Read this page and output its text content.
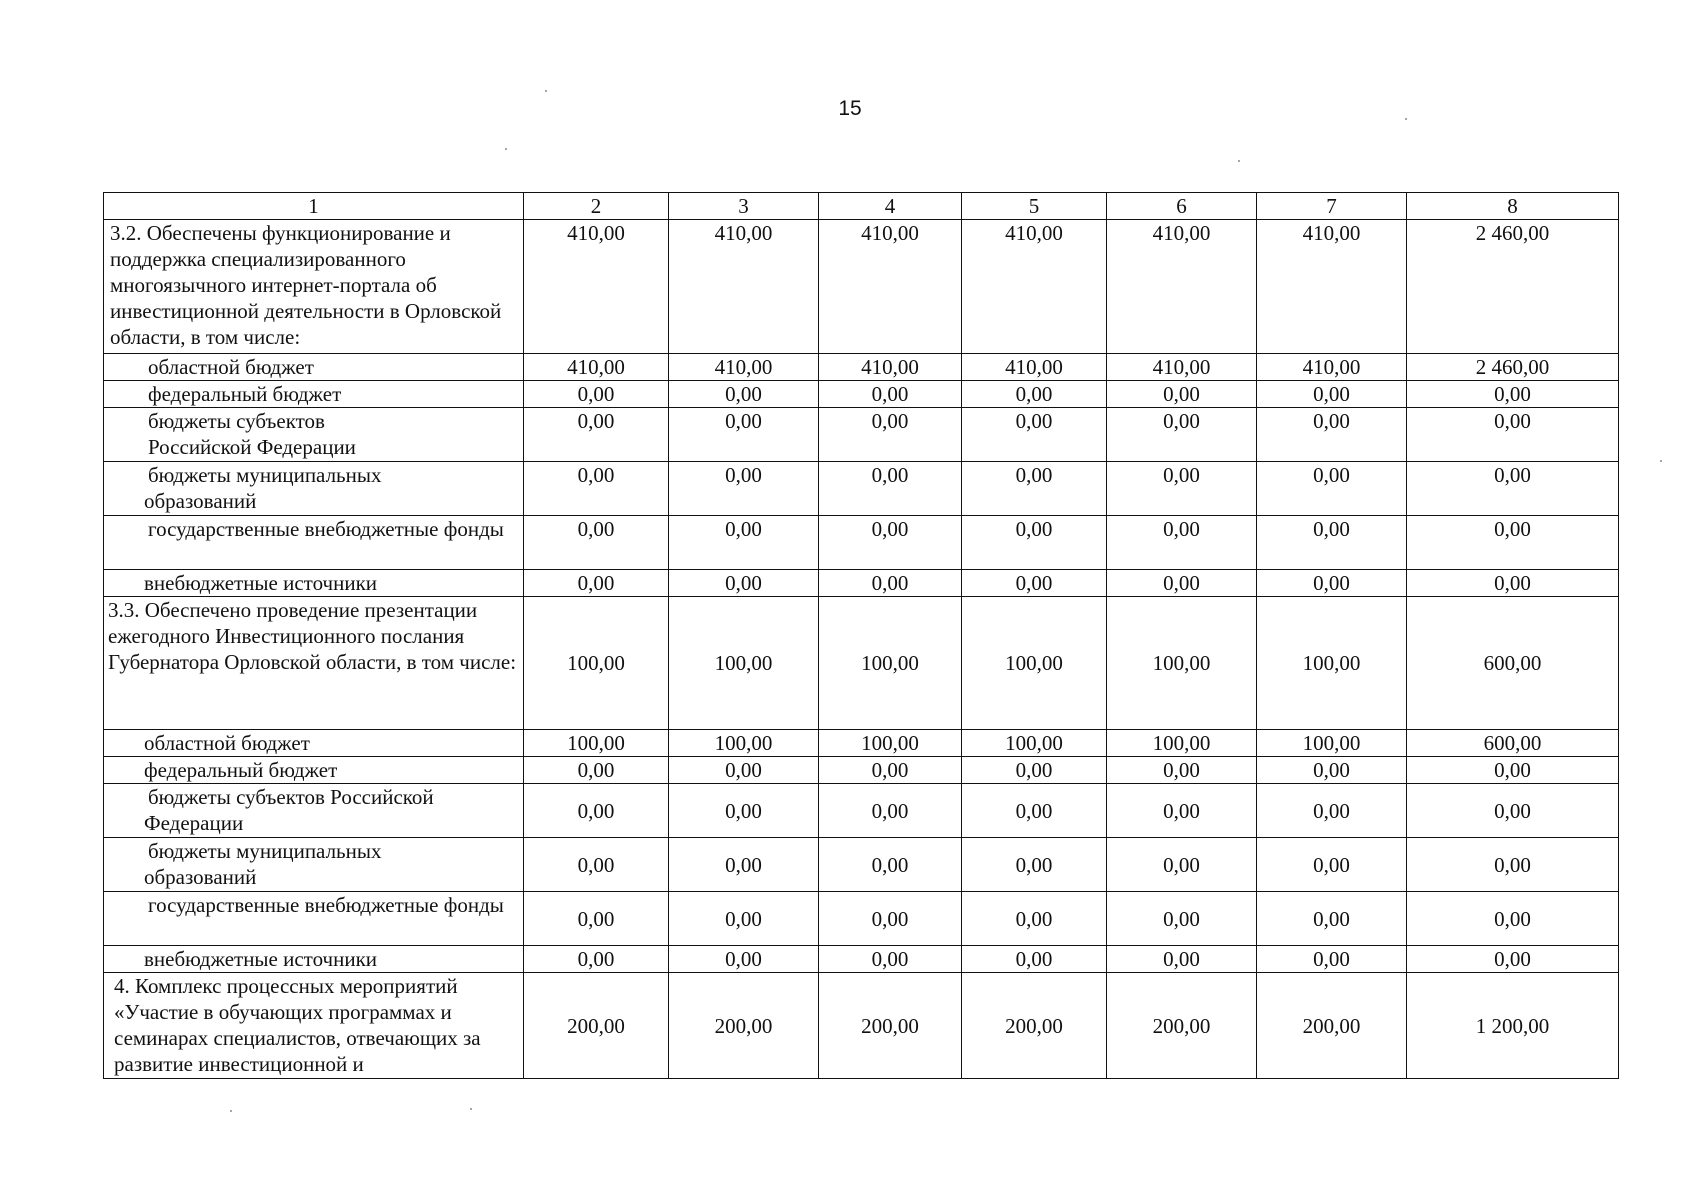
15
1	2	3	4	5	6	7	8
3.2. Обеспечены функционирование и поддержка специализированного многоязычного интернет-портала об инвестиционной деятельности в Орловской области, в том числе:	410,00	410,00	410,00	410,00	410,00	410,00	2 460,00
областной бюджет	410,00	410,00	410,00	410,00	410,00	410,00	2 460,00
федеральный бюджет	0,00	0,00	0,00	0,00	0,00	0,00	0,00
бюджеты субъектов Российской Федерации	0,00	0,00	0,00	0,00	0,00	0,00	0,00
бюджеты муниципальных образований	0,00	0,00	0,00	0,00	0,00	0,00	0,00
государственные внебюджетные фонды	0,00	0,00	0,00	0,00	0,00	0,00	0,00
внебюджетные источники	0,00	0,00	0,00	0,00	0,00	0,00	0,00
3.3. Обеспечено проведение презентации ежегодного Инвестиционного послания Губернатора Орловской области, в том числе:	100,00	100,00	100,00	100,00	100,00	100,00	600,00
областной бюджет	100,00	100,00	100,00	100,00	100,00	100,00	600,00
федеральный бюджет	0,00	0,00	0,00	0,00	0,00	0,00	0,00
бюджеты субъектов Российской Федерации	0,00	0,00	0,00	0,00	0,00	0,00	0,00
бюджеты муниципальных образований	0,00	0,00	0,00	0,00	0,00	0,00	0,00
государственные внебюджетные фонды	0,00	0,00	0,00	0,00	0,00	0,00	0,00
внебюджетные источники	0,00	0,00	0,00	0,00	0,00	0,00	0,00
4. Комплекс процессных мероприятий «Участие в обучающих программах и семинарах специалистов, отвечающих за развитие инвестиционной и	200,00	200,00	200,00	200,00	200,00	200,00	1 200,00
